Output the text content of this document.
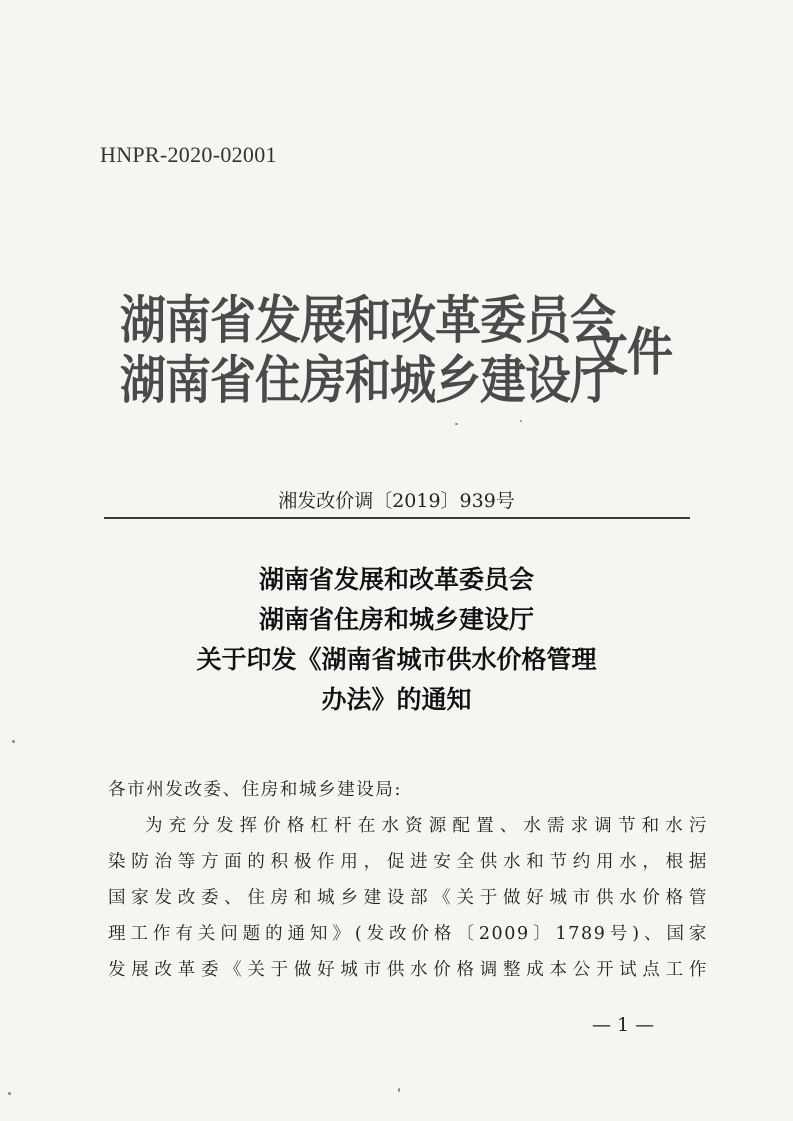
HNPR-2020-02001
湖南省发展和改革委员会
湖南省住房和城乡建设厅
文件
湘发改价调〔2019〕939号
湖南省发展和改革委员会
湖南省住房和城乡建设厅
关于印发《湖南省城市供水价格管理
办法》的通知
各市州发改委、住房和城乡建设局:
为充分发挥价格杠杆在水资源配置、水需求调节和水污
染防治等方面的积极作用，促进安全供水和节约用水，根据
国家发改委、住房和城乡建设部《关于做好城市供水价格管
理工作有关问题的通知》(发改价格〔2009〕1789号)、国家
发展改革委《关于做好城市供水价格调整成本公开试点工作
— 1 —
